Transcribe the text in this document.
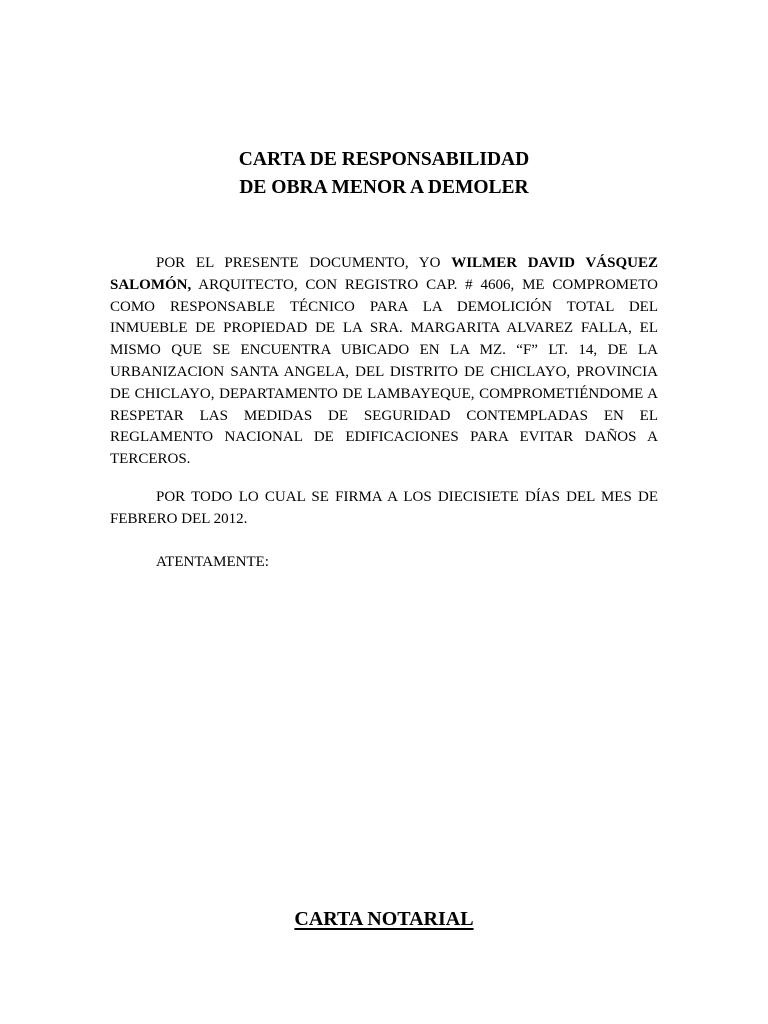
CARTA DE RESPONSABILIDAD
DE OBRA MENOR A DEMOLER

POR EL PRESENTE DOCUMENTO, YO WILMER DAVID VÁSQUEZ SALOMÓN, ARQUITECTO, CON REGISTRO CAP. # 4606, ME COMPROMETO COMO RESPONSABLE TÉCNICO PARA LA DEMOLICIÓN TOTAL DEL INMUEBLE DE PROPIEDAD DE LA SRA. MARGARITA ALVAREZ FALLA, EL MISMO QUE SE ENCUENTRA UBICADO EN LA MZ. “F” LT. 14, DE LA URBANIZACION SANTA ANGELA, DEL DISTRITO DE CHICLAYO, PROVINCIA DE CHICLAYO, DEPARTAMENTO DE LAMBAYEQUE, COMPROMETIÉNDOME A RESPETAR LAS MEDIDAS DE SEGURIDAD CONTEMPLADAS EN EL REGLAMENTO NACIONAL DE EDIFICACIONES PARA EVITAR DAÑOS A TERCEROS.

POR TODO LO CUAL SE FIRMA A LOS DIECISIETE DÍAS DEL MES DE FEBRERO DEL 2012.

ATENTAMENTE:

CARTA NOTARIAL
